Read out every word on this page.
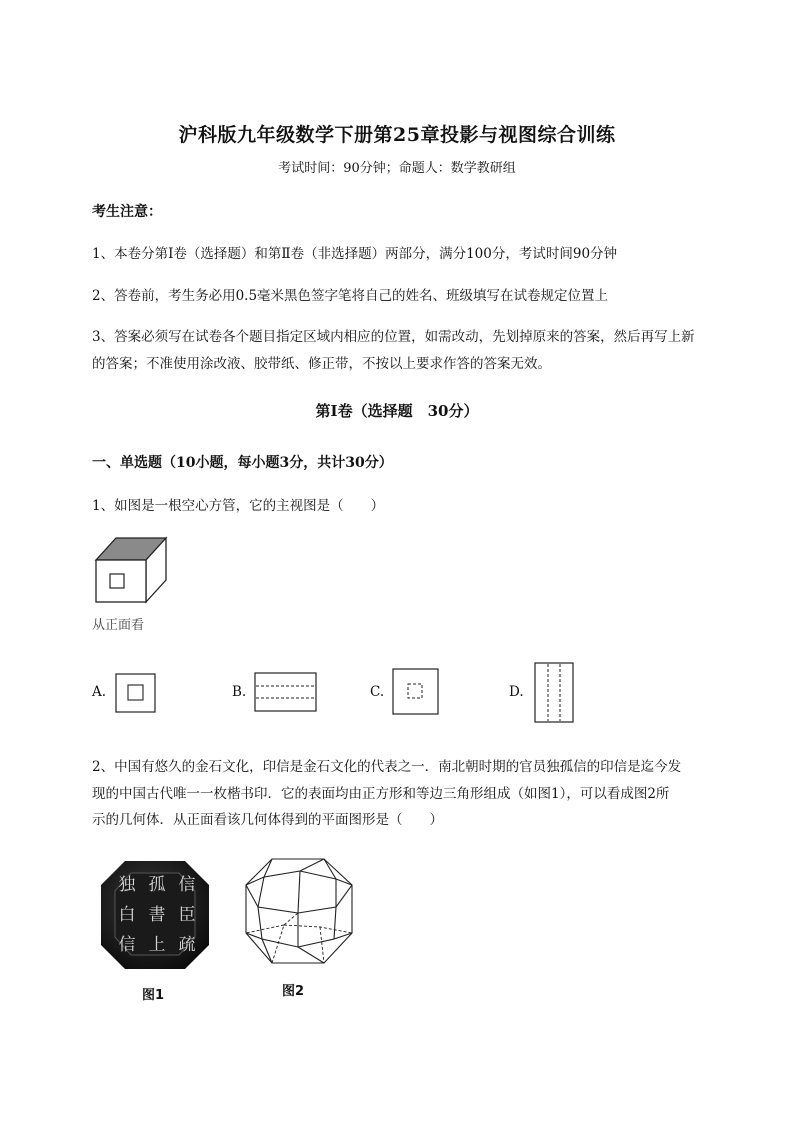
沪科版九年级数学下册第25章投影与视图综合训练
考试时间：90分钟；命题人：数学教研组
考生注意：
1、本卷分第I卷（选择题）和第Ⅱ卷（非选择题）两部分，满分100分，考试时间90分钟
2、答卷前，考生务必用0.5毫米黑色签字笔将自己的姓名、班级填写在试卷规定位置上
3、答案必须写在试卷各个题目指定区域内相应的位置，如需改动，先划掉原来的答案，然后再写上新
的答案；不准使用涂改液、胶带纸、修正带，不按以上要求作答的答案无效。
第I卷（选择题　30分）
一、单选题（10小题，每小题3分，共计30分）
1、如图是一根空心方管，它的主视图是（　　）
从正面看
A.	B.	C.	D.
2、中国有悠久的金石文化，印信是金石文化的代表之一．南北朝时期的官员独孤信的印信是迄今发
现的中国古代唯一一枚楷书印．它的表面均由正方形和等边三角形组成（如图1），可以看成图2所
示的几何体．从正面看该几何体得到的平面图形是（　　）
独 孤 信
白 書 臣
信 上 疏
图1	图2
